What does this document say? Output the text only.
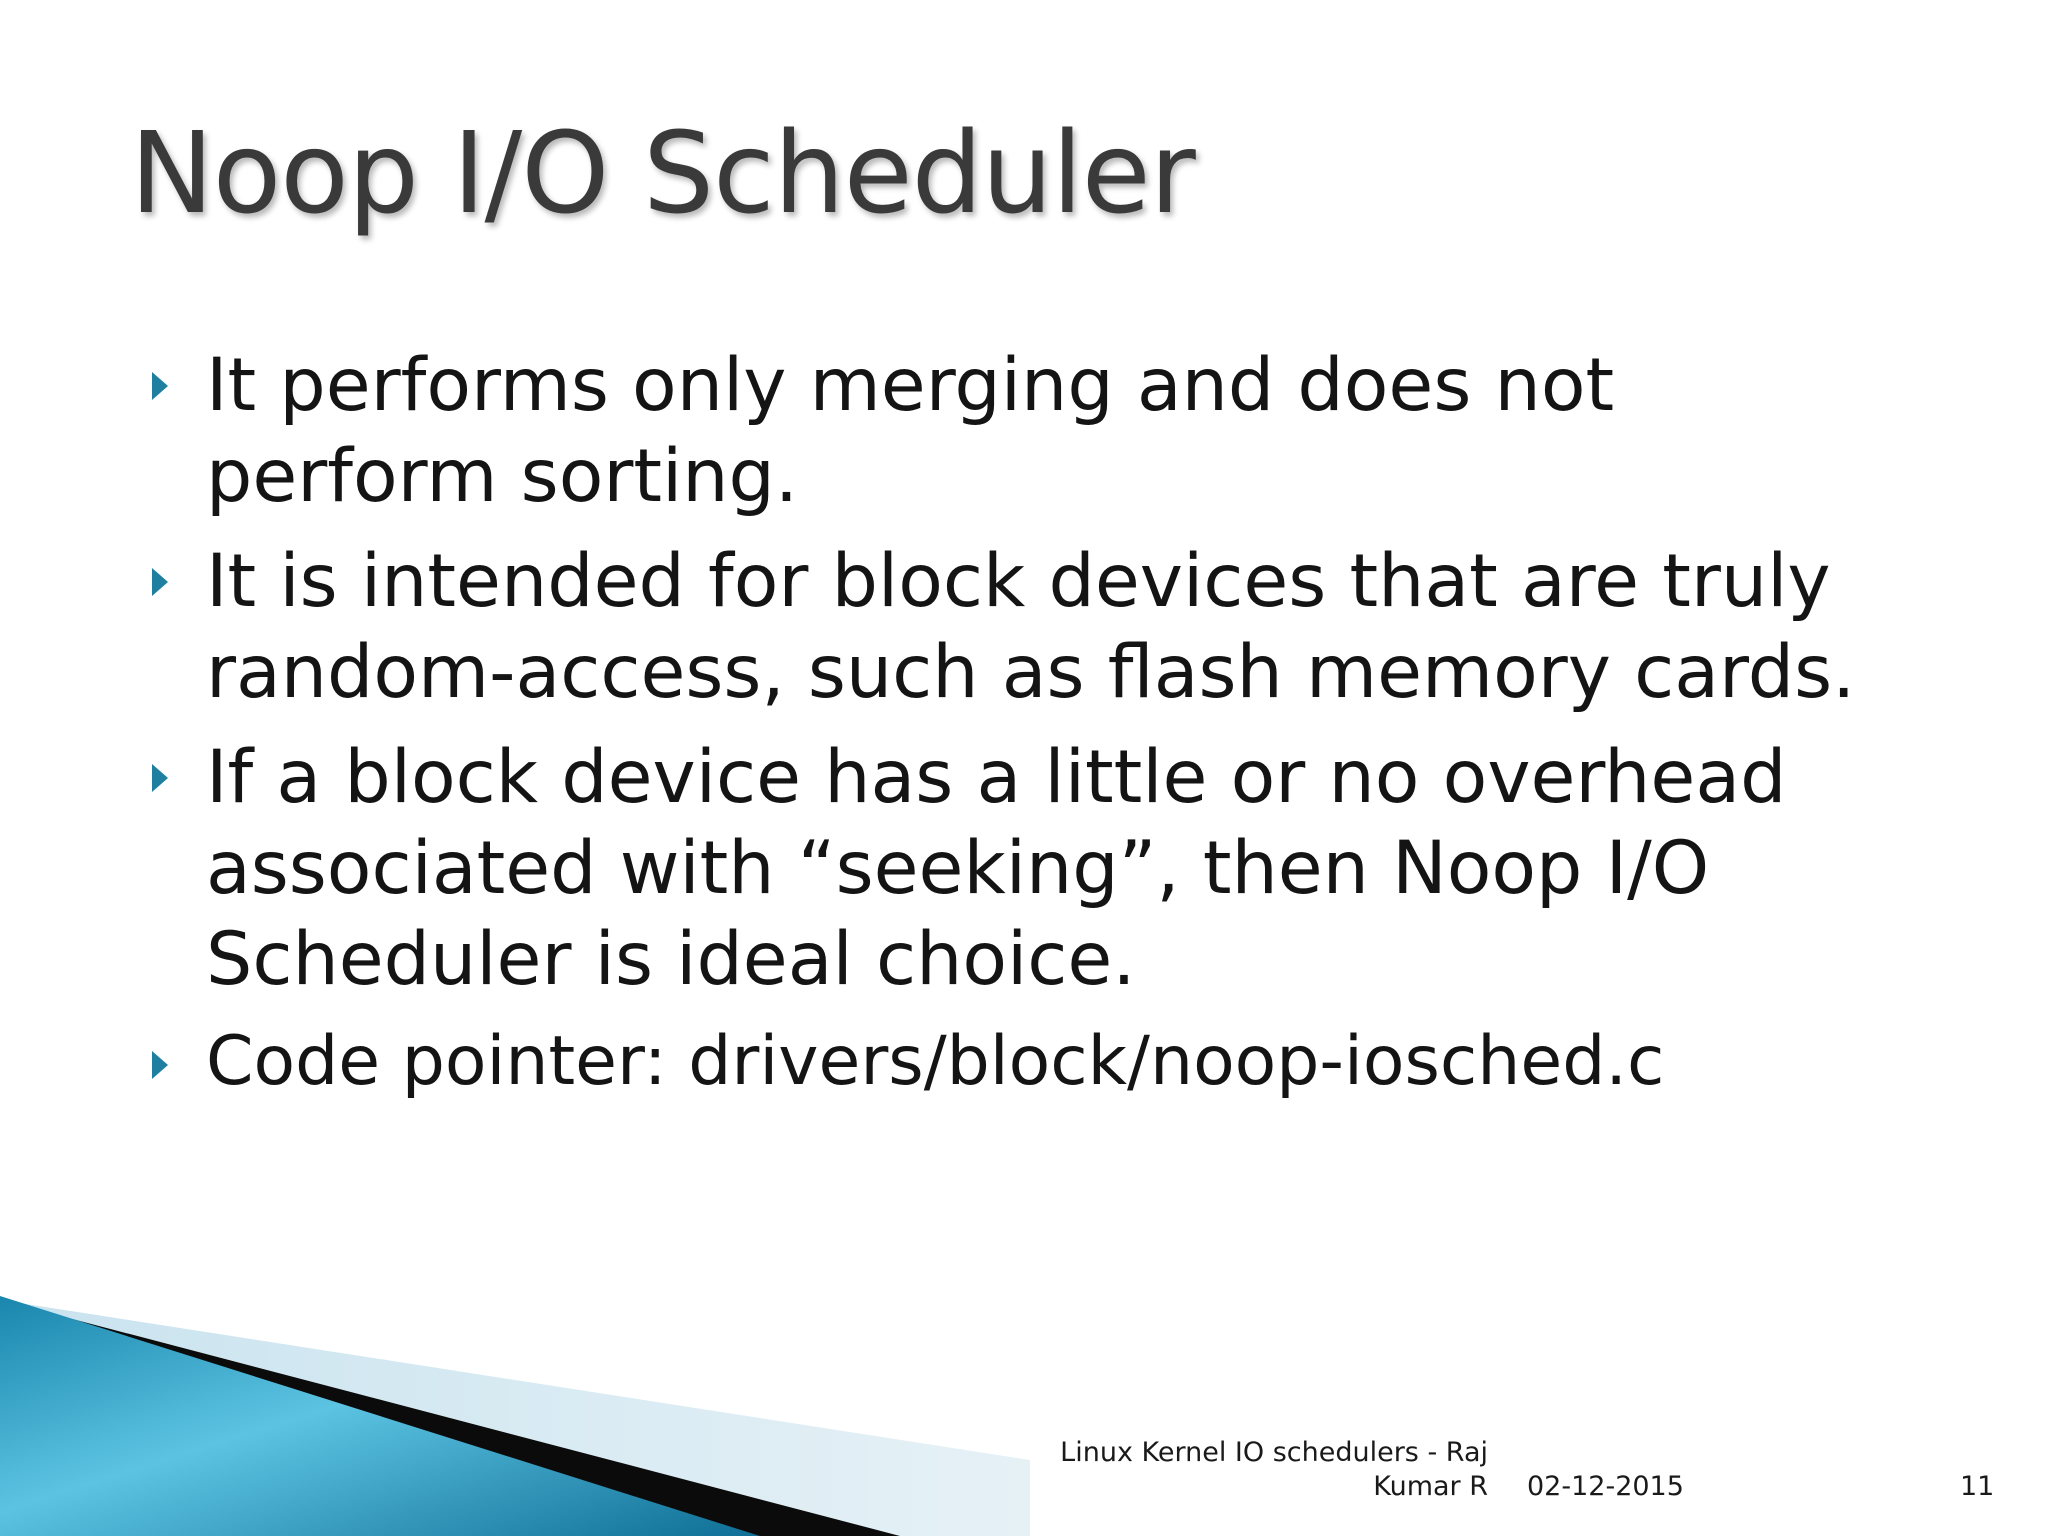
Noop I/O Scheduler
It performs only merging and does not perform sorting.
It is intended for block devices that are truly random-access, such as flash memory cards.
If a block device has a little or no overhead associated with “seeking”, then Noop I/O Scheduler is ideal choice.
Code pointer: drivers/block/noop-iosched.c
Linux Kernel IO schedulers - Raj Kumar R 02-12-2015	11
